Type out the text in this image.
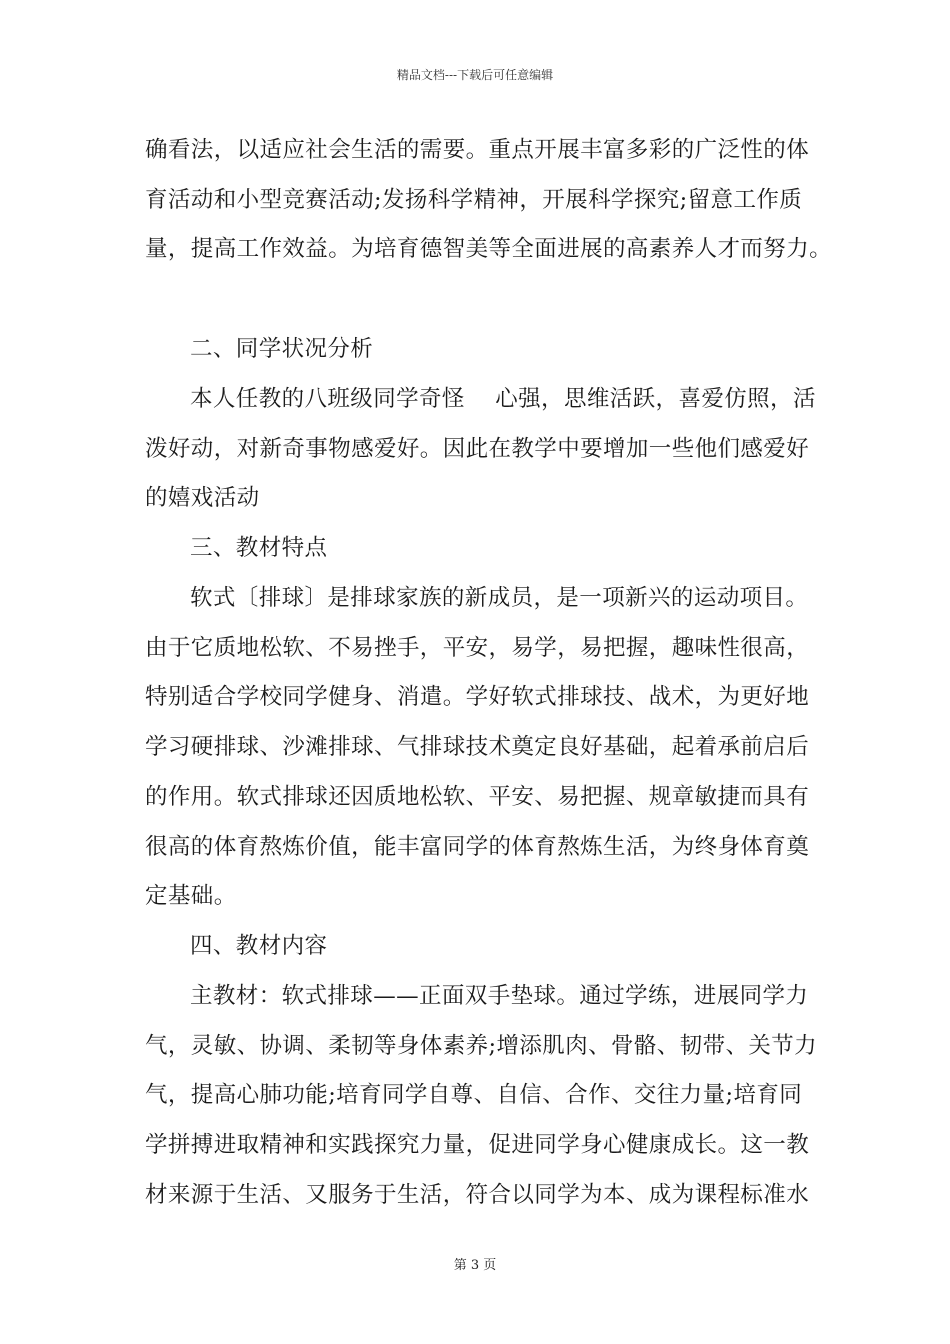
精品文档---下载后可任意编辑
确看法，以适应社会生活的需要。重点开展丰富多彩的广泛性的体
育活动和小型竞赛活动;发扬科学精神，开展科学探究;留意工作质
量，提高工作效益。为培育德智美等全面进展的高素养人才而努力。
二、同学状况分析
本人任教的八班级同学奇怪　 心强，思维活跃，喜爱仿照，活
泼好动，对新奇事物感爱好。因此在教学中要增加一些他们感爱好
的嬉戏活动
三、教材特点
软式〔排球〕是排球家族的新成员，是一项新兴的运动项目。
由于它质地松软、不易挫手，平安，易学，易把握，趣味性很高，
特别适合学校同学健身、消遣。学好软式排球技、战术，为更好地
学习硬排球、沙滩排球、气排球技术奠定良好基础，起着承前启后
的作用。软式排球还因质地松软、平安、易把握、规章敏捷而具有
很高的体育熬炼价值，能丰富同学的体育熬炼生活，为终身体育奠
定基础。
四、教材内容
主教材：软式排球——正面双手垫球。通过学练，进展同学力
气，灵敏、协调、柔韧等身体素养;增添肌肉、骨骼、韧带、关节力
气，提高心肺功能;培育同学自尊、自信、合作、交往力量;培育同
学拼搏进取精神和实践探究力量，促进同学身心健康成长。这一教
材来源于生活、又服务于生活，符合以同学为本、成为课程标准水
第 3 页
